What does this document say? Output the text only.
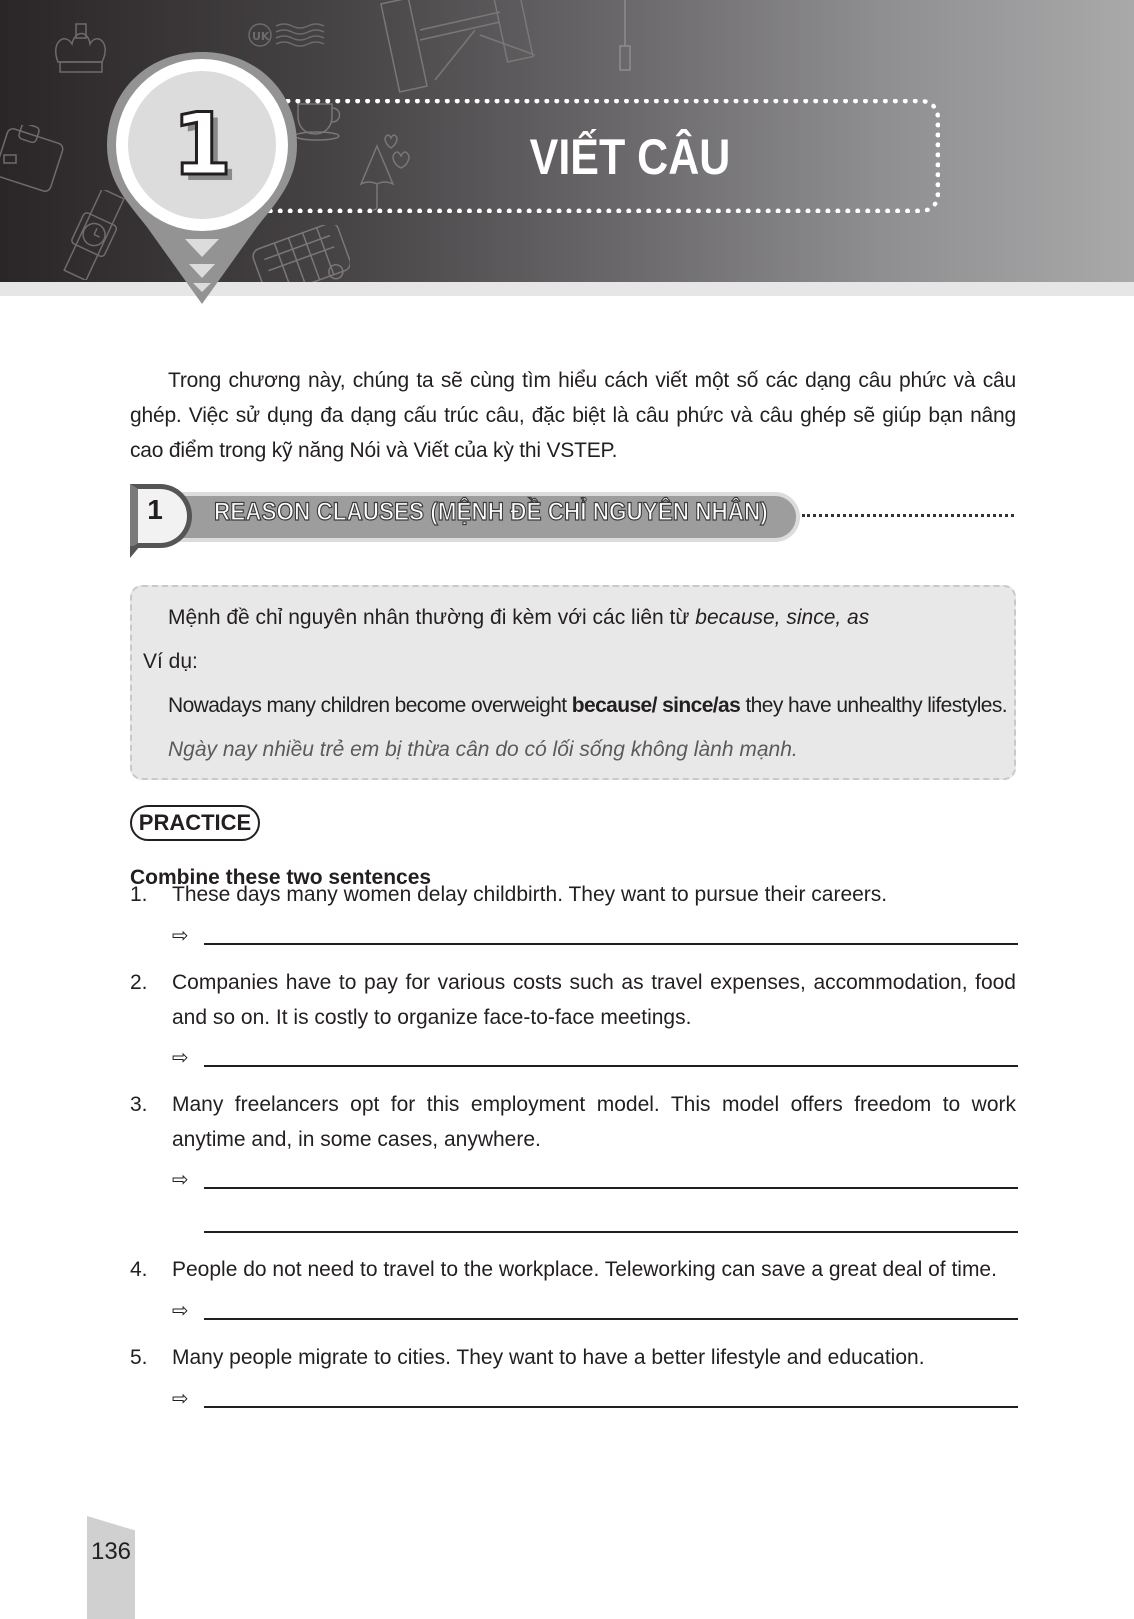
UK
VIẾT CÂU
1

Trong chương này, chúng ta sẽ cùng tìm hiểu cách viết một số các dạng câu phức và câu ghép. Việc sử dụng đa dạng cấu trúc câu, đặc biệt là câu phức và câu ghép sẽ giúp bạn nâng cao điểm trong kỹ năng Nói và Viết của kỳ thi VSTEP.

1	REASON CLAUSES (MỆNH ĐỀ CHỈ NGUYÊN NHÂN)

Mệnh đề chỉ nguyên nhân thường đi kèm với các liên từ because, since, as

Ví dụ:

Nowadays many children become overweight because/ since/as they have unhealthy lifestyles.

Ngày nay nhiều trẻ em bị thừa cân do có lối sống không lành mạnh.

PRACTICE
Combine these two sentences
1. These days many women delay childbirth. They want to pursue their careers.
⇨
2. Companies have to pay for various costs such as travel expenses, accommodation, food and so on. It is costly to organize face-to-face meetings.
⇨
3. Many freelancers opt for this employment model. This model offers freedom to work anytime and, in some cases, anywhere.
⇨
4. People do not need to travel to the workplace. Teleworking can save a great deal of time.
⇨
5. Many people migrate to cities. They want to have a better lifestyle and education.
⇨
136
